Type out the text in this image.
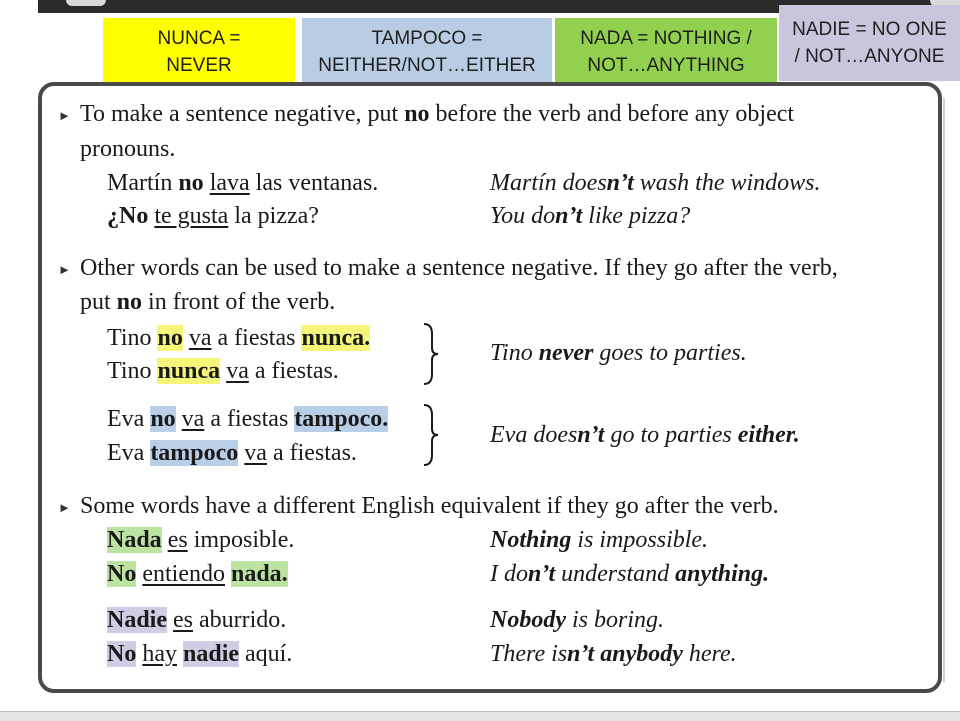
NUNCA =
NEVER
TAMPOCO =
NEITHER/NOT…EITHER
NADA = NOTHING /
NOT…ANYTHING
NADIE = NO ONE
/ NOT…ANYONE
► To make a sentence negative, put no before the verb and before any object
pronouns.
Martín no lava las ventanas.	Martín doesn’t wash the windows.
¿No te gusta la pizza?	You don’t like pizza?
► Other words can be used to make a sentence negative. If they go after the verb,
put no in front of the verb.
Tino no va a fiestas nunca.
Tino nunca va a fiestas.
Tino never goes to parties.
Eva no va a fiestas tampoco.
Eva tampoco va a fiestas.
Eva doesn’t go to parties either.
► Some words have a different English equivalent if they go after the verb.
Nada es imposible.	Nothing is impossible.
No entiendo nada.	I don’t understand anything.
Nadie es aburrido.	Nobody is boring.
No hay nadie aquí.	There isn’t anybody here.
